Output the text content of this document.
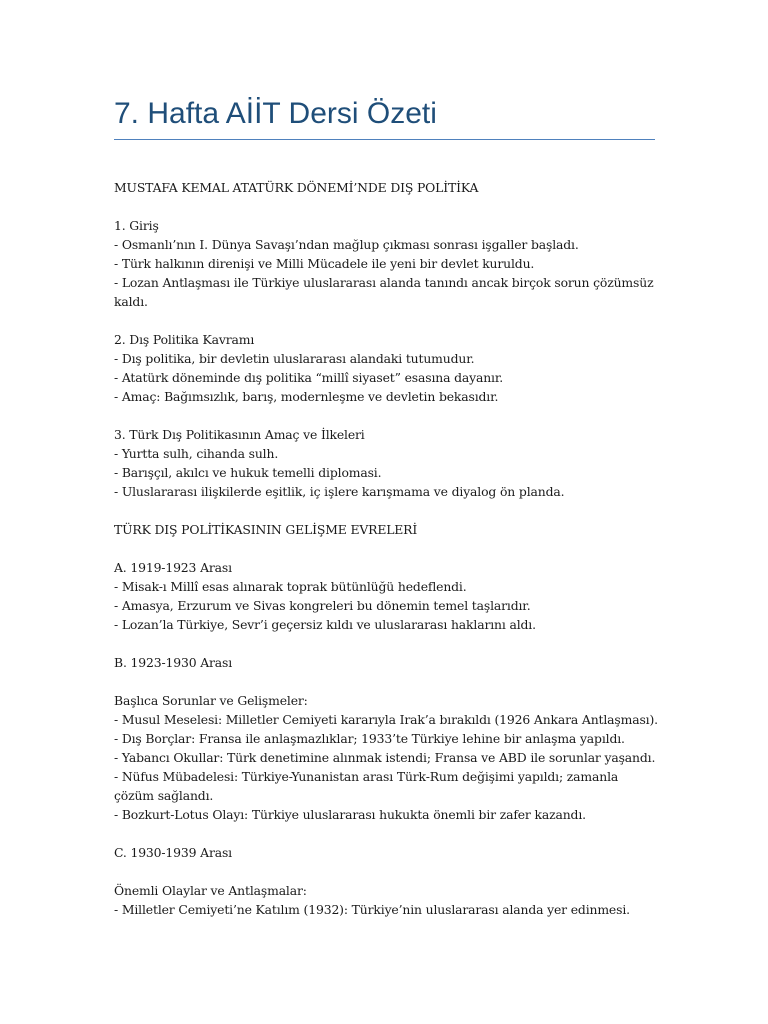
7. Hafta AİİT Dersi Özeti
MUSTAFA KEMAL ATATÜRK DÖNEMİ’NDE DIŞ POLİTİKA
1. Giriş
- Osmanlı’nın I. Dünya Savaşı’ndan mağlup çıkması sonrası işgaller başladı.
- Türk halkının direnişi ve Milli Mücadele ile yeni bir devlet kuruldu.
- Lozan Antlaşması ile Türkiye uluslararası alanda tanındı ancak birçok sorun çözümsüz kaldı.
2. Dış Politika Kavramı
- Dış politika, bir devletin uluslararası alandaki tutumudur.
- Atatürk döneminde dış politika “millî siyaset” esasına dayanır.
- Amaç: Bağımsızlık, barış, modernleşme ve devletin bekasıdır.
3. Türk Dış Politikasının Amaç ve İlkeleri
- Yurtta sulh, cihanda sulh.
- Barışçıl, akılcı ve hukuk temelli diplomasi.
- Uluslararası ilişkilerde eşitlik, iç işlere karışmama ve diyalog ön planda.
TÜRK DIŞ POLİTİKASININ GELİŞME EVRELERİ
A. 1919-1923 Arası
- Misak-ı Millî esas alınarak toprak bütünlüğü hedeflendi.
- Amasya, Erzurum ve Sivas kongreleri bu dönemin temel taşlarıdır.
- Lozan’la Türkiye, Sevr’i geçersiz kıldı ve uluslararası haklarını aldı.
B. 1923-1930 Arası
Başlıca Sorunlar ve Gelişmeler:
- Musul Meselesi: Milletler Cemiyeti kararıyla Irak’a bırakıldı (1926 Ankara Antlaşması).
- Dış Borçlar: Fransa ile anlaşmazlıklar; 1933’te Türkiye lehine bir anlaşma yapıldı.
- Yabancı Okullar: Türk denetimine alınmak istendi; Fransa ve ABD ile sorunlar yaşandı.
- Nüfus Mübadelesi: Türkiye-Yunanistan arası Türk-Rum değişimi yapıldı; zamanla çözüm sağlandı.
- Bozkurt-Lotus Olayı: Türkiye uluslararası hukukta önemli bir zafer kazandı.
C. 1930-1939 Arası
Önemli Olaylar ve Antlaşmalar:
- Milletler Cemiyeti’ne Katılım (1932): Türkiye’nin uluslararası alanda yer edinmesi.
